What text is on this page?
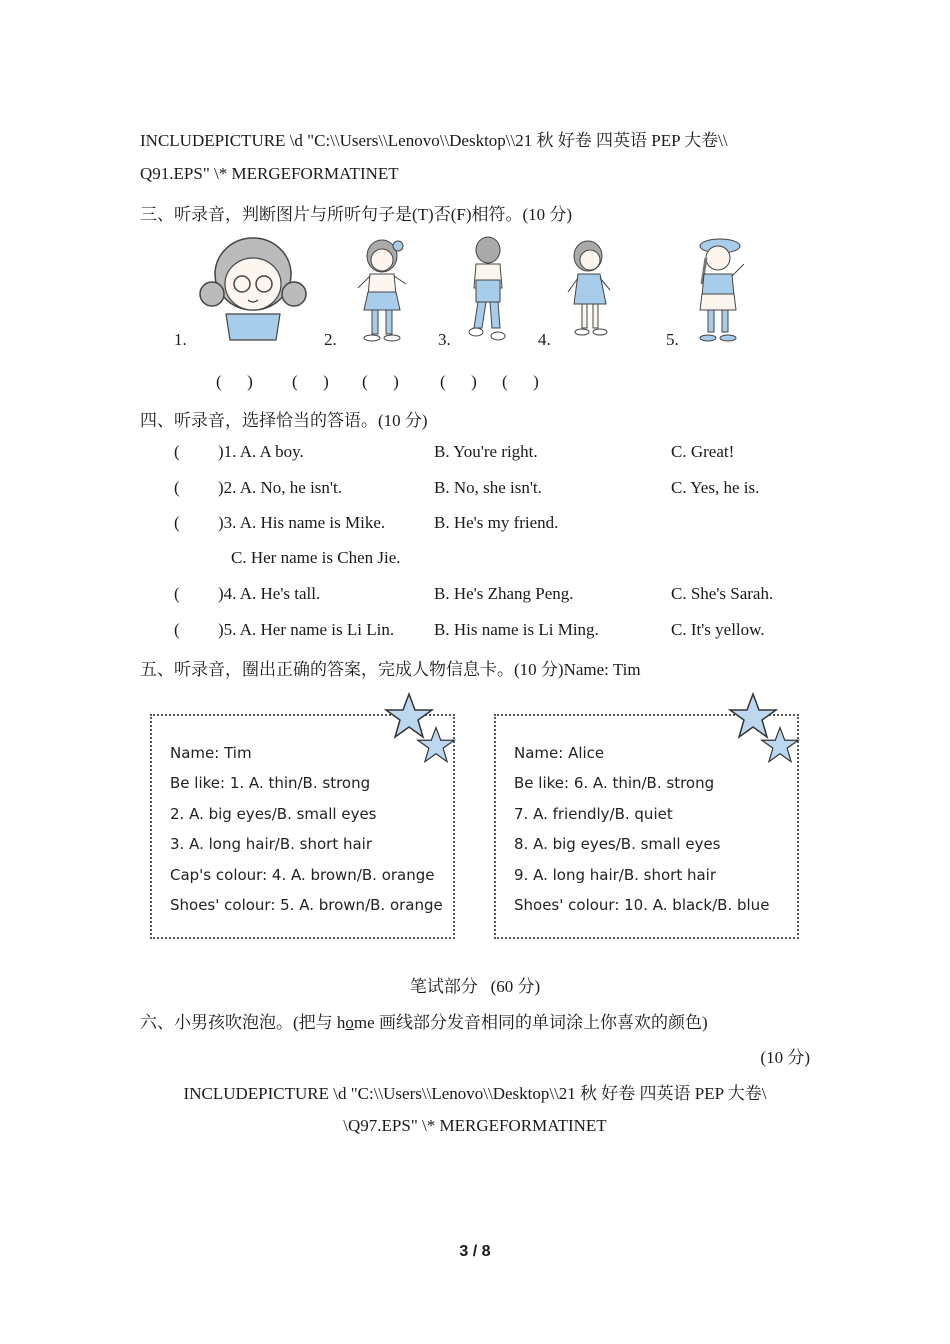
INCLUDEPICTURE \d "C:\\Users\\Lenovo\\Desktop\\21 秋 好卷 四英语 PEP 大卷\\
Q91.EPS" \* MERGEFORMATINET
三、听录音，判断图片与所听句子是(T)否(F)相符。(10 分)
1.	2.	3.	4.	5.
(      ) (      ) (      ) (      ) (      )
四、听录音，选择恰当的答语。(10 分)
( )1. A. A boy.	B. You're right.	C. Great!
( )2. A. No, he isn't.	B. No, she isn't.	C. Yes, he is.
( )3. A. His name is Mike.	B. He's my friend.
C. Her name is Chen Jie.
( )4. A. He's tall.	B. He's Zhang Peng.	C. She's Sarah.
( )5. A. Her name is Li Lin. B. His name is Li Ming.	C. It's yellow.
五、听录音，圈出正确的答案，完成人物信息卡。(10 分)Name: Tim
Name: Tim
Be like: 1. A. thin/B. strong
2. A. big eyes/B. small eyes
3. A. long hair/B. short hair
Cap's colour: 4. A. brown/B. orange
Shoes' colour: 5. A. brown/B. orange
Name: Alice
Be like: 6. A. thin/B. strong
7. A. friendly/B. quiet
8. A. big eyes/B. small eyes
9. A. long hair/B. short hair
Shoes' colour: 10. A. black/B. blue
笔试部分   (60 分)
六、小男孩吹泡泡。(把与 home 画线部分发音相同的单词涂上你喜欢的颜色)
(10 分)
INCLUDEPICTURE \d "C:\\Users\\Lenovo\\Desktop\\21 秋 好卷 四英语 PEP 大卷\
\Q97.EPS" \* MERGEFORMATINET
3 / 8
